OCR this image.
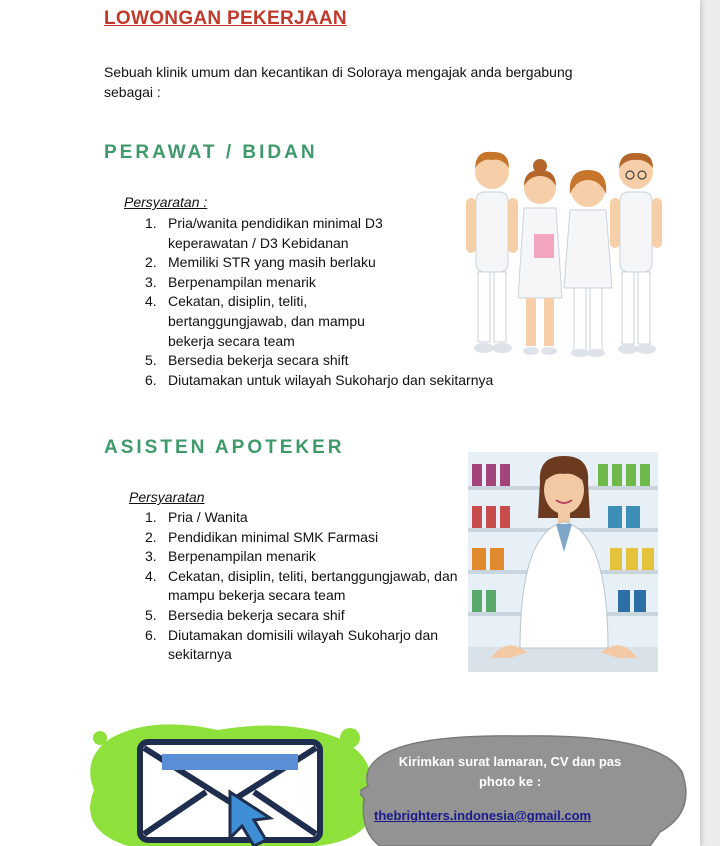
LOWONGAN PEKERJAAN
Sebuah klinik umum dan kecantikan di Soloraya mengajak anda bergabung sebagai :
PERAWAT / BIDAN
Persyaratan :
1. Pria/wanita pendidikan minimal D3 keperawatan / D3 Kebidanan
2. Memiliki STR yang masih berlaku
3. Berpenampilan menarik
4. Cekatan, disiplin, teliti, bertanggungjawab, dan mampu bekerja secara team
5. Bersedia bekerja secara shift
6. Diutamakan untuk wilayah Sukoharjo dan sekitarnya
ASISTEN APOTEKER
Persyaratan
1. Pria / Wanita
2. Pendidikan minimal SMK Farmasi
3. Berpenampilan menarik
4. Cekatan, disiplin, teliti, bertanggungjawab, dan mampu bekerja secara team
5. Bersedia bekerja secara shif
6. Diutamakan domisili wilayah Sukoharjo dan sekitarnya
Kirimkan surat lamaran, CV dan pas
photo ke :
thebrighters.indonesia@gmail.com
